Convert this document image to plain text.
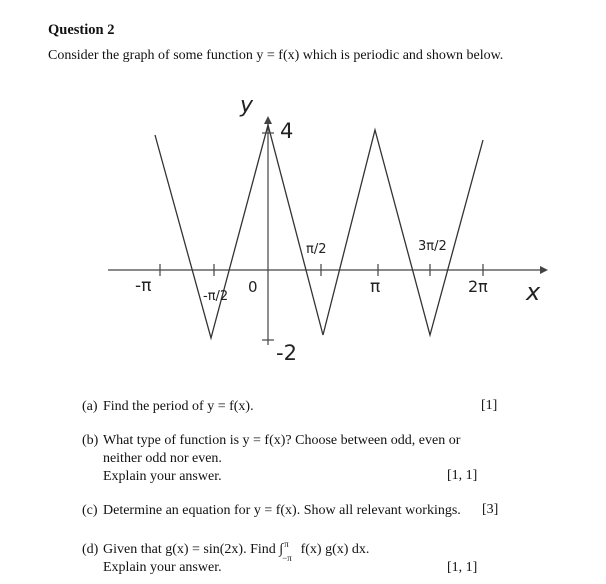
Question 2
Consider the graph of some function y = f(x) which is periodic and shown below.
y
4
-2
-π
-π/2
0
π/2
π
3π/2
2π x
(a) Find the period of y = f(x).	[1]
(b) What type of function is y = f(x)? Choose between odd, even or neither odd nor even.
Explain your answer.	[1, 1]
(c) Determine an equation for y = f(x). Show all relevant workings. [3]
(d) Given that g(x) = sin(2x). Find ∫ π
−π
f(x) g(x) dx.
Explain your answer.	[1, 1]
